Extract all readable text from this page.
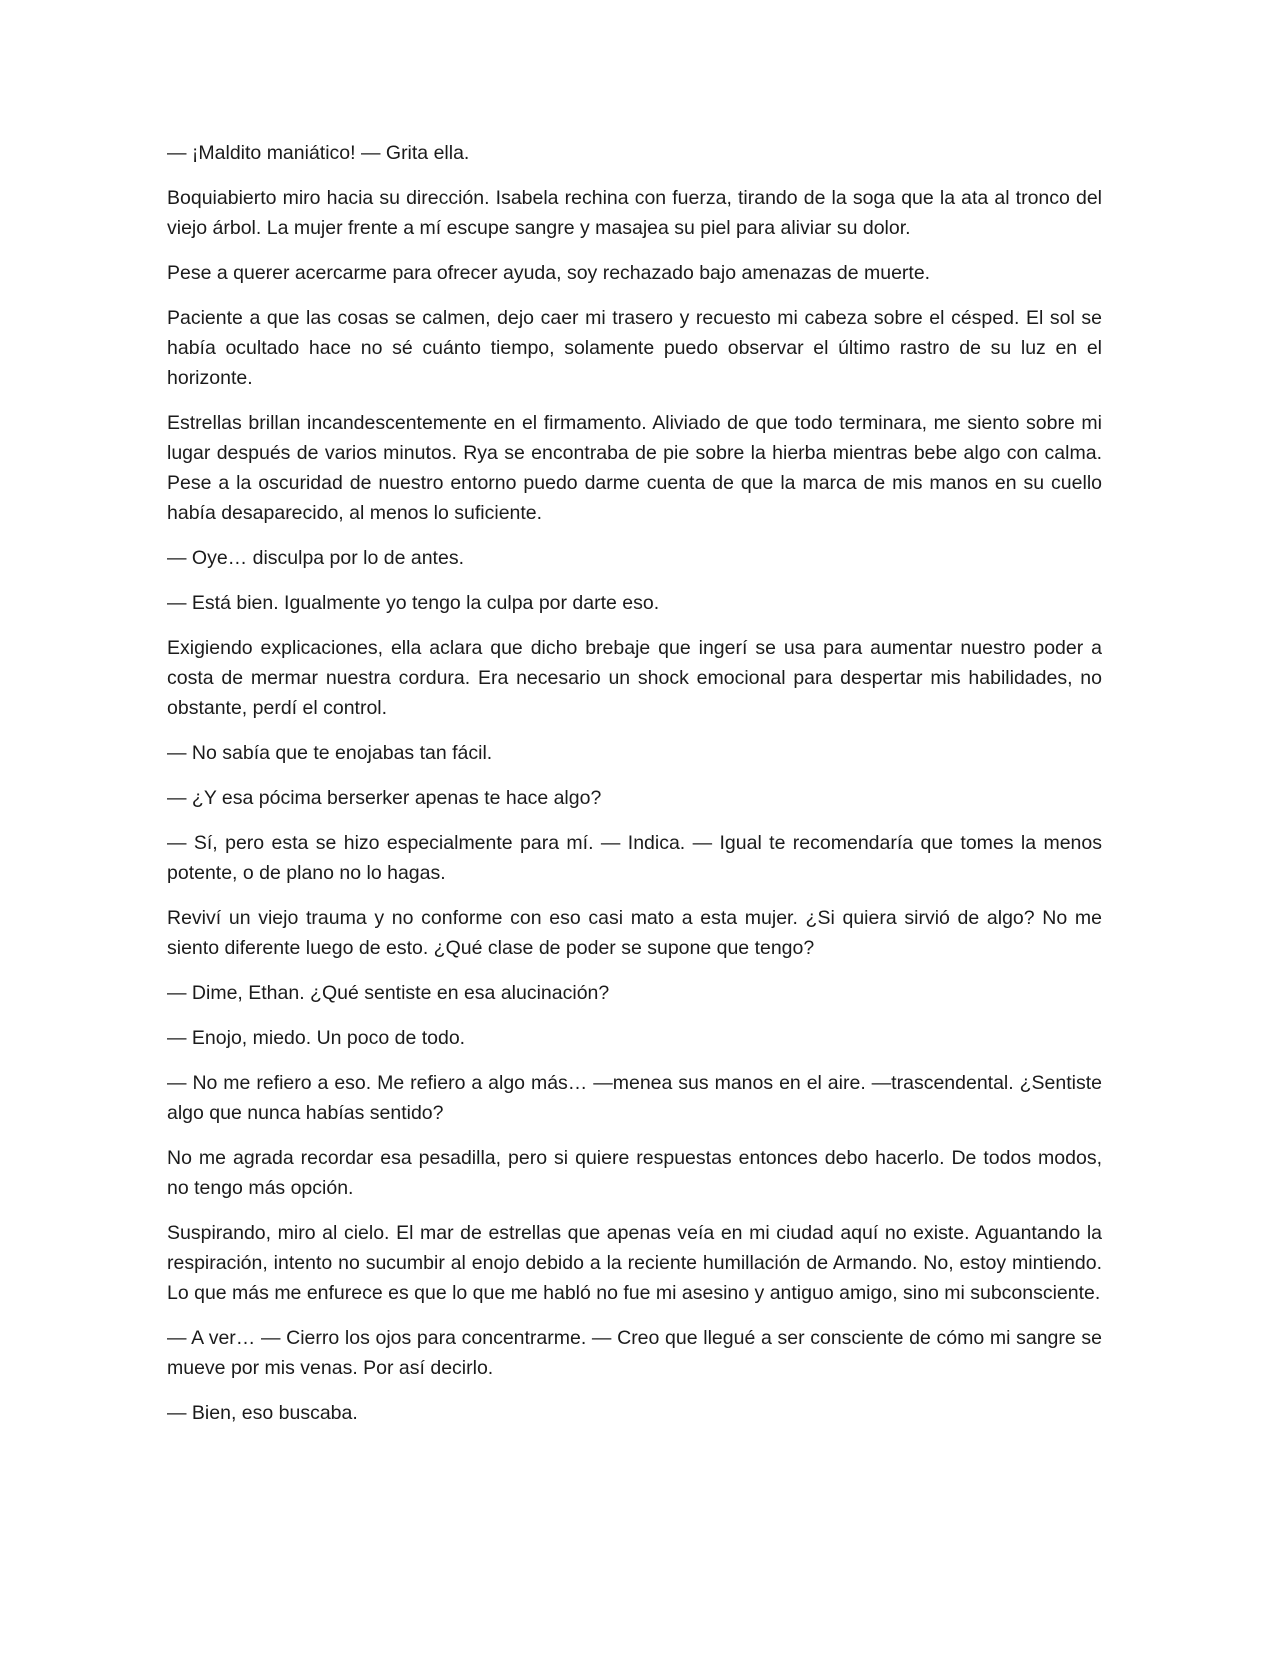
— ¡Maldito maniático! — Grita ella.

Boquiabierto miro hacia su dirección. Isabela rechina con fuerza, tirando de la soga que la ata al tronco del viejo árbol. La mujer frente a mí escupe sangre y masajea su piel para aliviar su dolor.

Pese a querer acercarme para ofrecer ayuda, soy rechazado bajo amenazas de muerte.

Paciente a que las cosas se calmen, dejo caer mi trasero y recuesto mi cabeza sobre el césped. El sol se había ocultado hace no sé cuánto tiempo, solamente puedo observar el último rastro de su luz en el horizonte.

Estrellas brillan incandescentemente en el firmamento. Aliviado de que todo terminara, me siento sobre mi lugar después de varios minutos. Rya se encontraba de pie sobre la hierba mientras bebe algo con calma. Pese a la oscuridad de nuestro entorno puedo darme cuenta de que la marca de mis manos en su cuello había desaparecido, al menos lo suficiente.

— Oye… disculpa por lo de antes.

— Está bien. Igualmente yo tengo la culpa por darte eso.

Exigiendo explicaciones, ella aclara que dicho brebaje que ingerí se usa para aumentar nuestro poder a costa de mermar nuestra cordura. Era necesario un shock emocional para despertar mis habilidades, no obstante, perdí el control.

— No sabía que te enojabas tan fácil.

— ¿Y esa pócima berserker apenas te hace algo?

— Sí, pero esta se hizo especialmente para mí. — Indica. — Igual te recomendaría que tomes la menos potente, o de plano no lo hagas.

Reviví un viejo trauma y no conforme con eso casi mato a esta mujer. ¿Si quiera sirvió de algo? No me siento diferente luego de esto. ¿Qué clase de poder se supone que tengo?

— Dime, Ethan. ¿Qué sentiste en esa alucinación?

— Enojo, miedo. Un poco de todo.

— No me refiero a eso. Me refiero a algo más… —menea sus manos en el aire. —trascendental. ¿Sentiste algo que nunca habías sentido?

No me agrada recordar esa pesadilla, pero si quiere respuestas entonces debo hacerlo. De todos modos, no tengo más opción.

Suspirando, miro al cielo. El mar de estrellas que apenas veía en mi ciudad aquí no existe. Aguantando la respiración, intento no sucumbir al enojo debido a la reciente humillación de Armando. No, estoy mintiendo. Lo que más me enfurece es que lo que me habló no fue mi asesino y antiguo amigo, sino mi subconsciente.

— A ver… — Cierro los ojos para concentrarme. — Creo que llegué a ser consciente de cómo mi sangre se mueve por mis venas. Por así decirlo.

— Bien, eso buscaba.
